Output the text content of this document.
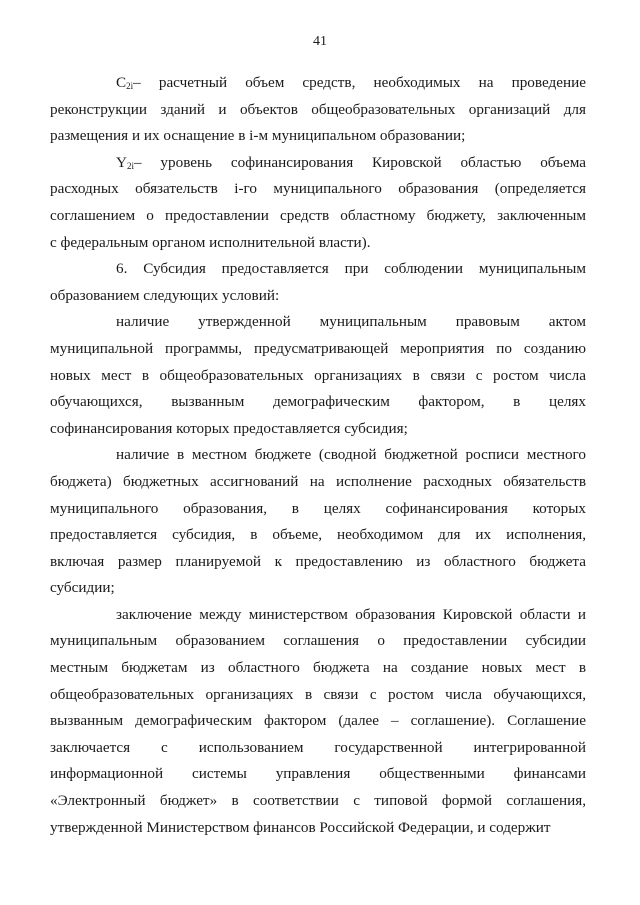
41
$C_{2i}-$ расчетный объем средств, необходимых на проведение
реконструкции зданий и объектов общеобразовательных организаций для
размещения и их оснащение в i-м муниципальном образовании;
$Y_{2i}-$ уровень софинансирования Кировской областью объема
расходных обязательств i-го муниципального образования (определяется
соглашением о предоставлении средств областному бюджету, заключенным
с федеральным органом исполнительной власти).
6. Субсидия предоставляется при соблюдении муниципальным
образованием следующих условий:
наличие утвержденной муниципальным правовым актом
муниципальной программы, предусматривающей мероприятия по созданию
новых мест в общеобразовательных организациях в связи с ростом числа
обучающихся, вызванным демографическим фактором, в целях
софинансирования которых предоставляется субсидия;
наличие в местном бюджете (сводной бюджетной росписи местного
бюджета) бюджетных ассигнований на исполнение расходных обязательств
муниципального образования, в целях софинансирования которых
предоставляется субсидия, в объеме, необходимом для их исполнения,
включая размер планируемой к предоставлению из областного бюджета
субсидии;
заключение между министерством образования Кировской области и
муниципальным образованием соглашения о предоставлении субсидии
местным бюджетам из областного бюджета на создание новых мест в
общеобразовательных организациях в связи с ростом числа обучающихся,
вызванным демографическим фактором (далее – соглашение). Соглашение
заключается с использованием государственной интегрированной
информационной системы управления общественными финансами
«Электронный бюджет» в соответствии с типовой формой соглашения,
утвержденной Министерством финансов Российской Федерации, и содержит
